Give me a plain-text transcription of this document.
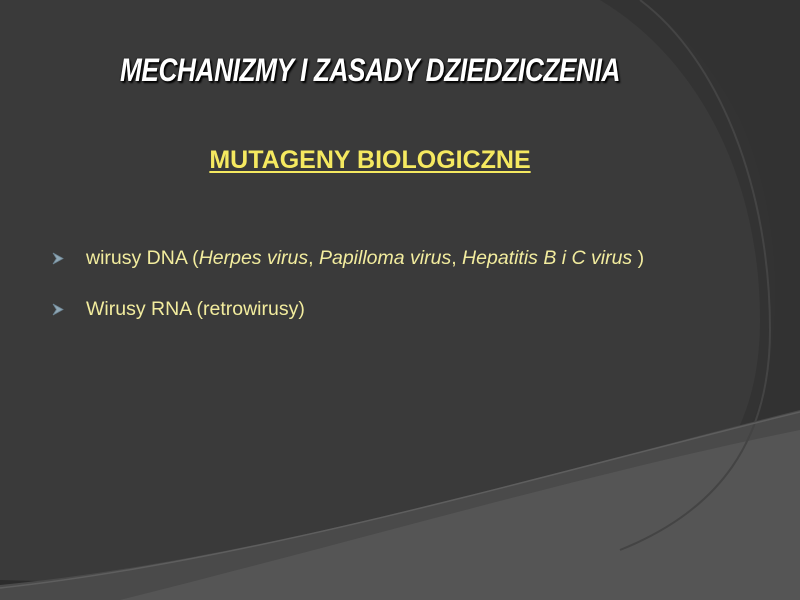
MECHANIZMY I ZASADY DZIEDZICZENIA
MUTAGENY BIOLOGICZNE
wirusy DNA (Herpes virus, Papilloma virus, Hepatitis B i C virus )
Wirusy RNA (retrowirusy)
